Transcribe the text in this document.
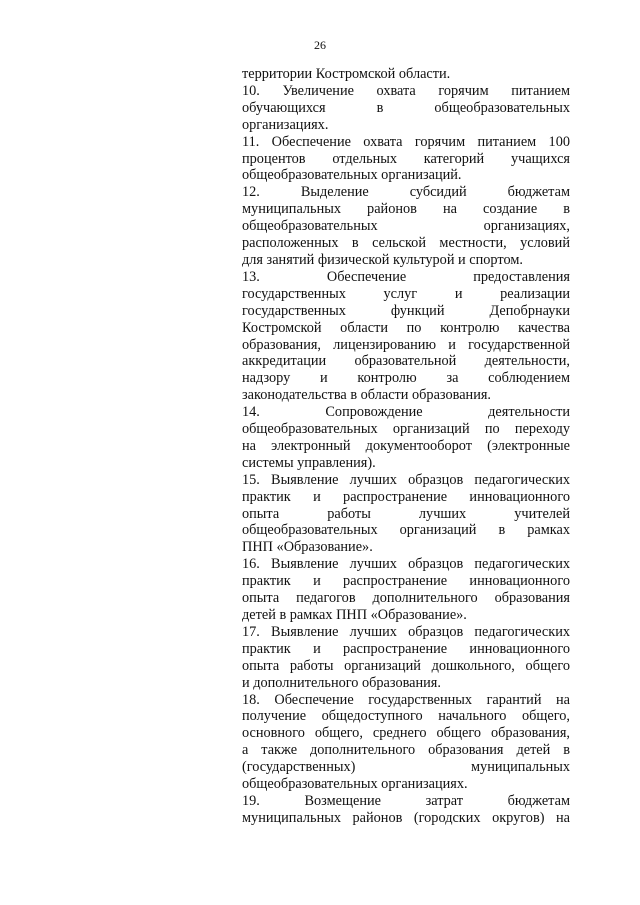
26
территории Костромской области.
10. Увеличение охвата горячим питанием
обучающихся в общеобразовательных
организациях.
11. Обеспечение охвата горячим питанием 100
процентов отдельных категорий учащихся
общеобразовательных организаций.
12. Выделение субсидий бюджетам
муниципальных районов на создание в
общеобразовательных организациях,
расположенных в сельской местности, условий
для занятий физической культурой и спортом.
13. Обеспечение предоставления
государственных услуг и реализации
государственных функций Депобрнауки
Костромской области по контролю качества
образования, лицензированию и государственной
аккредитации образовательной деятельности,
надзору и контролю за соблюдением
законодательства в области образования.
14. Сопровождение деятельности
общеобразовательных организаций по переходу
на электронный документооборот (электронные
системы управления).
15. Выявление лучших образцов педагогических
практик и распространение инновационного
опыта работы лучших учителей
общеобразовательных организаций в рамках
ПНП «Образование».
16. Выявление лучших образцов педагогических
практик и распространение инновационного
опыта педагогов дополнительного образования
детей в рамках ПНП «Образование».
17. Выявление лучших образцов педагогических
практик и распространение инновационного
опыта работы организаций дошкольного, общего
и дополнительного образования.
18. Обеспечение государственных гарантий на
получение общедоступного начального общего,
основного общего, среднего общего образования,
а также дополнительного образования детей в
(государственных) муниципальных
общеобразовательных организациях.
19. Возмещение затрат бюджетам
муниципальных районов (городских округов) на
